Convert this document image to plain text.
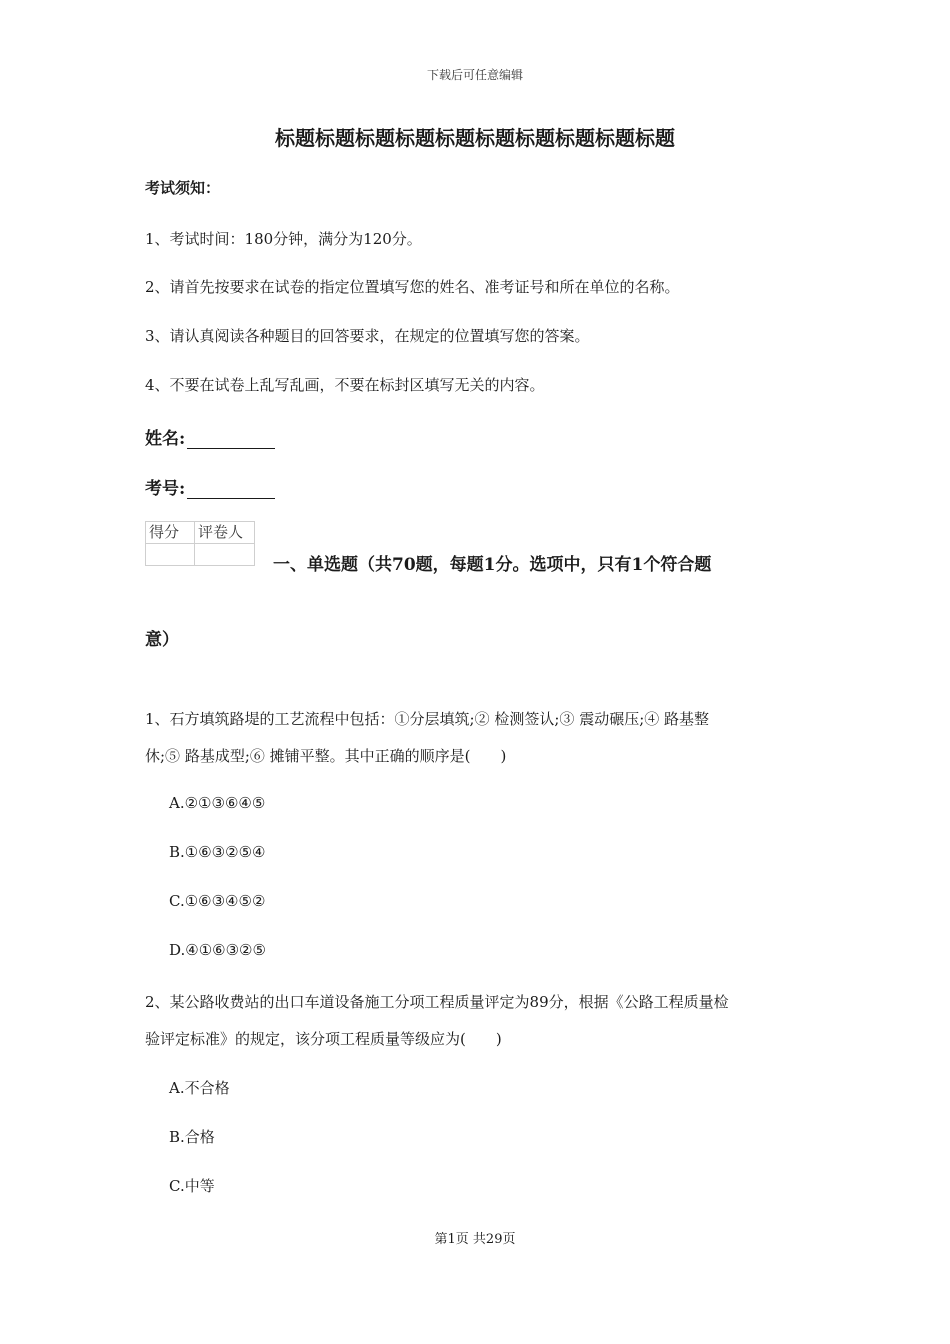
下载后可任意编辑
标题标题标题标题标题标题标题标题标题标题
考试须知：
1、考试时间：180分钟，满分为120分。
2、请首先按要求在试卷的指定位置填写您的姓名、准考证号和所在单位的名称。
3、请认真阅读各种题目的回答要求，在规定的位置填写您的答案。
4、不要在试卷上乱写乱画，不要在标封区填写无关的内容。
姓名:
考号:
得分	评卷人

一、单选题（共70题，每题1分。选项中，只有1个符合题
意）
1、石方填筑路堤的工艺流程中包括：①分层填筑;② 检测签认;③ 震动碾压;④ 路基整
休;⑤ 路基成型;⑥ 摊铺平整。其中正确的顺序是(　　)
A.②①③⑥④⑤
B.①⑥③②⑤④
C.①⑥③④⑤②
D.④①⑥③②⑤
2、某公路收费站的出口车道设备施工分项工程质量评定为89分，根据《公路工程质量检
验评定标准》的规定，该分项工程质量等级应为(　　)
A.不合格
B.合格
C.中等
第1页 共29页
